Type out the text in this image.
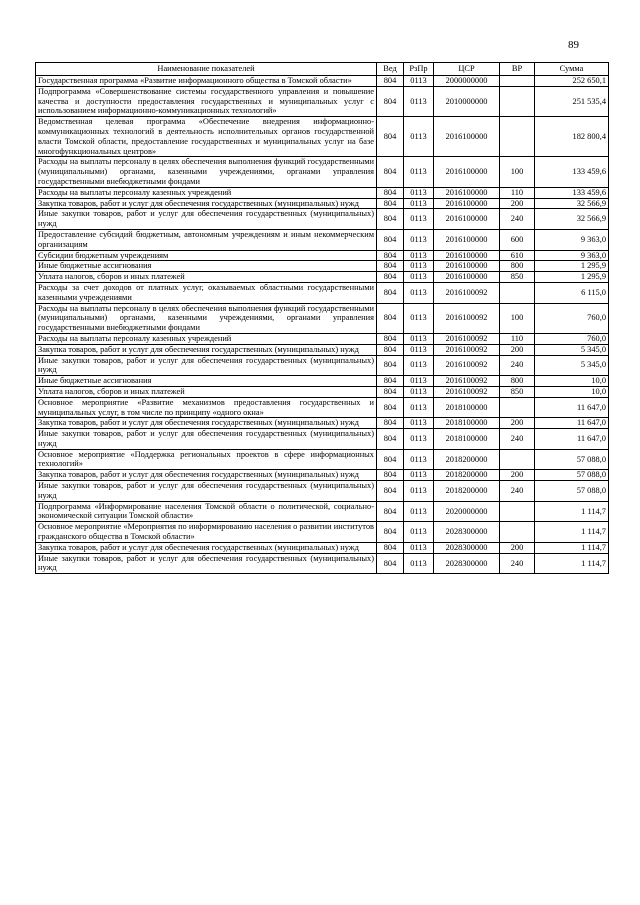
89
Наименование показателей	Вед	РзПр	ЦСР	ВР	Сумма
Государственная программа «Развитие информационного общества в Томской области»	804	0113	2000000000		252 650,1
Подпрограмма «Совершенствование системы государственного управления и повышение качества и доступности предоставления государственных и муниципальных услуг с использованием информационно-коммуникационных технологий»	804	0113	2010000000		251 535,4
Ведомственная целевая программа «Обеспечение внедрения информационно-коммуникационных технологий в деятельность исполнительных органов государственной власти Томской области, предоставление государственных и муниципальных услуг на базе многофункциональных центров»	804	0113	2016100000		182 800,4
Расходы на выплаты персоналу в целях обеспечения выполнения функций государственными (муниципальными) органами, казенными учреждениями, органами управления государственными внебюджетными фондами	804	0113	2016100000	100	133 459,6
Расходы на выплаты персоналу казенных учреждений	804	0113	2016100000	110	133 459,6
Закупка товаров, работ и услуг для обеспечения государственных (муниципальных) нужд	804	0113	2016100000	200	32 566,9
Иные закупки товаров, работ и услуг для обеспечения государственных (муниципальных) нужд	804	0113	2016100000	240	32 566,9
Предоставление субсидий бюджетным, автономным учреждениям и иным некоммерческим организациям	804	0113	2016100000	600	9 363,0
Субсидии бюджетным учреждениям	804	0113	2016100000	610	9 363,0
Иные бюджетные ассигнования	804	0113	2016100000	800	1 295,9
Уплата налогов, сборов и иных платежей	804	0113	2016100000	850	1 295,9
Расходы за счет доходов от платных услуг, оказываемых областными государственными казенными учреждениями	804	0113	2016100092		6 115,0
Расходы на выплаты персоналу в целях обеспечения выполнения функций государственными (муниципальными) органами, казенными учреждениями, органами управления государственными внебюджетными фондами	804	0113	2016100092	100	760,0
Расходы на выплаты персоналу казенных учреждений	804	0113	2016100092	110	760,0
Закупка товаров, работ и услуг для обеспечения государственных (муниципальных) нужд	804	0113	2016100092	200	5 345,0
Иные закупки товаров, работ и услуг для обеспечения государственных (муниципальных) нужд	804	0113	2016100092	240	5 345,0
Иные бюджетные ассигнования	804	0113	2016100092	800	10,0
Уплата налогов, сборов и иных платежей	804	0113	2016100092	850	10,0
Основное мероприятие «Развитие механизмов предоставления государственных и муниципальных услуг, в том числе по принципу «одного окна»	804	0113	2018100000		11 647,0
Закупка товаров, работ и услуг для обеспечения государственных (муниципальных) нужд	804	0113	2018100000	200	11 647,0
Иные закупки товаров, работ и услуг для обеспечения государственных (муниципальных) нужд	804	0113	2018100000	240	11 647,0
Основное мероприятие «Поддержка региональных проектов в сфере информационных технологий»	804	0113	2018200000		57 088,0
Закупка товаров, работ и услуг для обеспечения государственных (муниципальных) нужд	804	0113	2018200000	200	57 088,0
Иные закупки товаров, работ и услуг для обеспечения государственных (муниципальных) нужд	804	0113	2018200000	240	57 088,0
Подпрограмма «Информирование населения Томской области о политической, социально-экономической ситуации Томской области»	804	0113	2020000000		1 114,7
Основное мероприятие «Мероприятия по информированию населения о развитии институтов гражданского общества в Томской области»	804	0113	2028300000		1 114,7
Закупка товаров, работ и услуг для обеспечения государственных (муниципальных) нужд	804	0113	2028300000	200	1 114,7
Иные закупки товаров, работ и услуг для обеспечения государственных (муниципальных) нужд	804	0113	2028300000	240	1 114,7
